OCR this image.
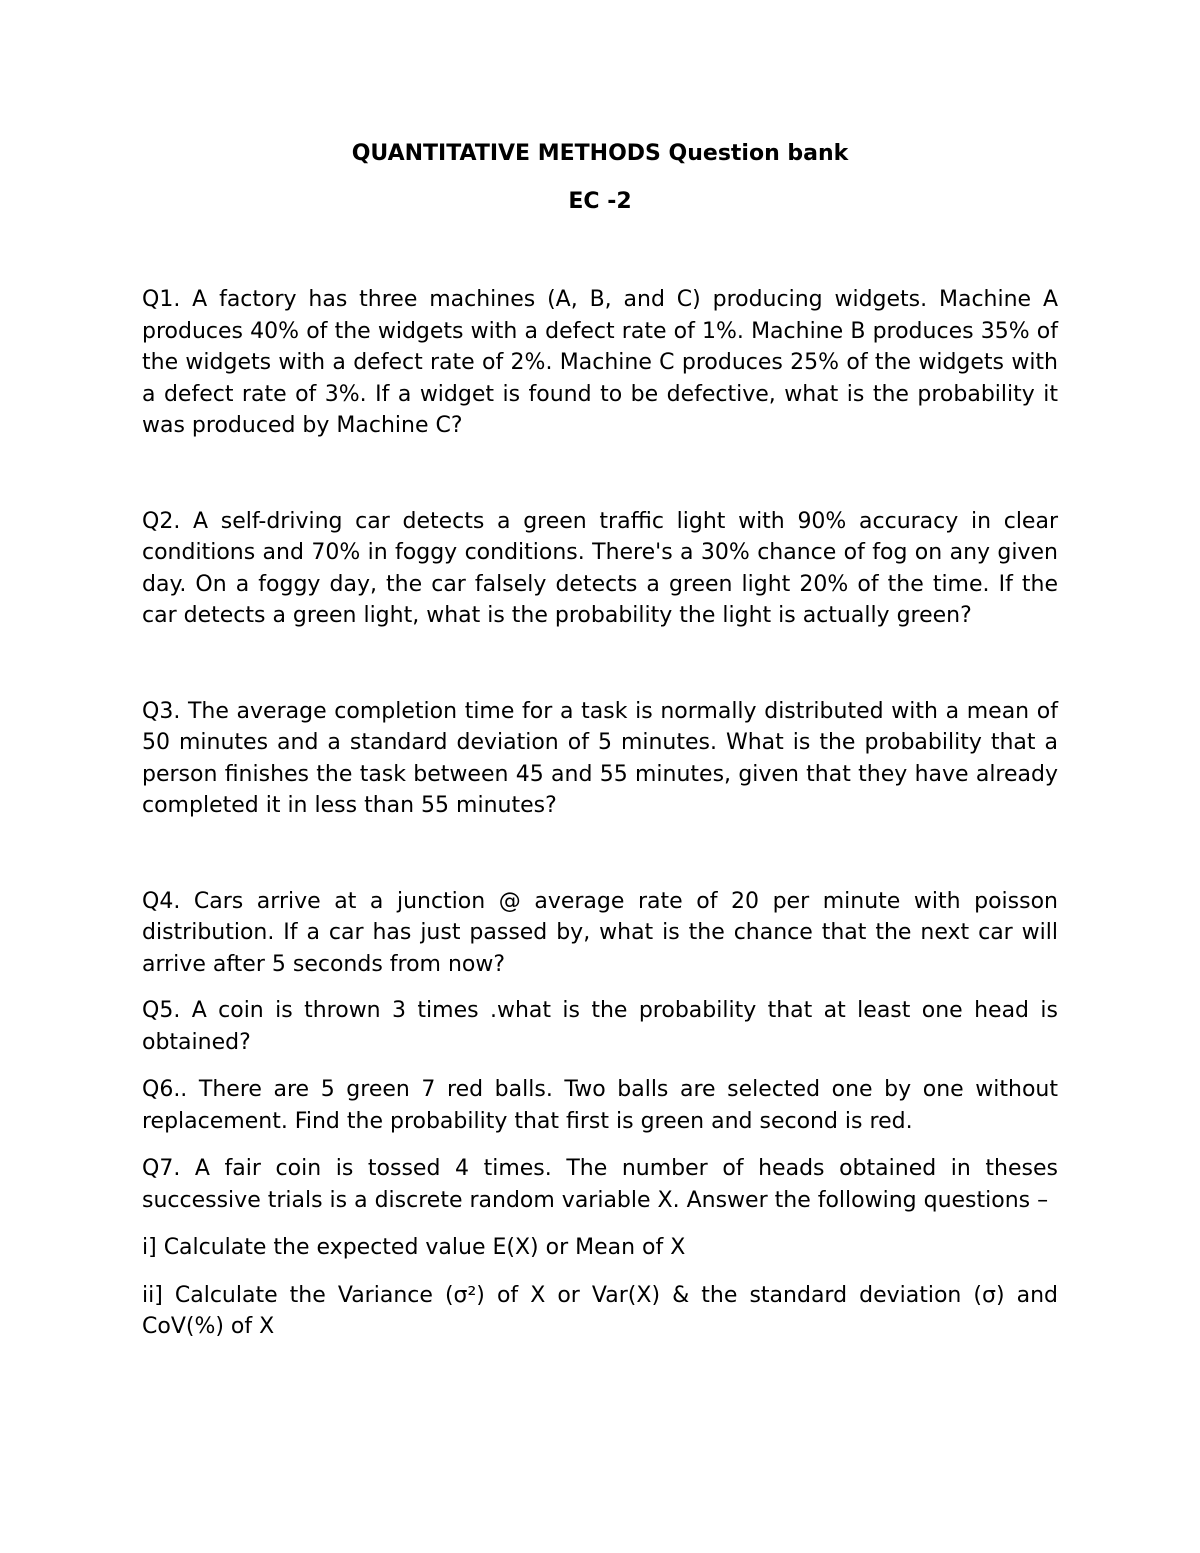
QUANTITATIVE METHODS Question bank

EC -2

Q1. A factory has three machines (A, B, and C) producing widgets. Machine A produces 40% of the widgets with a defect rate of 1%. Machine B produces 35% of the widgets with a defect rate of 2%. Machine C produces 25% of the widgets with a defect rate of 3%. If a widget is found to be defective, what is the probability it was produced by Machine C?

Q2. A self-driving car detects a green traffic light with 90% accuracy in clear conditions and 70% in foggy conditions. There's a 30% chance of fog on any given day. On a foggy day, the car falsely detects a green light 20% of the time. If the car detects a green light, what is the probability the light is actually green?

Q3. The average completion time for a task is normally distributed with a mean of 50 minutes and a standard deviation of 5 minutes. What is the probability that a person finishes the task between 45 and 55 minutes, given that they have already completed it in less than 55 minutes?

Q4. Cars arrive at a junction @ average rate of 20 per minute with poisson distribution. If a car has just passed by, what is the chance that the next car will arrive after 5 seconds from now?

Q5. A coin is thrown 3 times .what is the probability that at least one head is obtained?

Q6.. There are 5 green 7 red balls. Two balls are selected one by one without replacement. Find the probability that first is green and second is red.

Q7. A fair coin is tossed 4 times. The number of heads obtained in theses successive trials is a discrete random variable X. Answer the following questions –

i] Calculate the expected value E(X) or Mean of X

ii] Calculate the Variance (σ²) of X or Var(X) & the standard deviation (σ) and CoV(%) of X
